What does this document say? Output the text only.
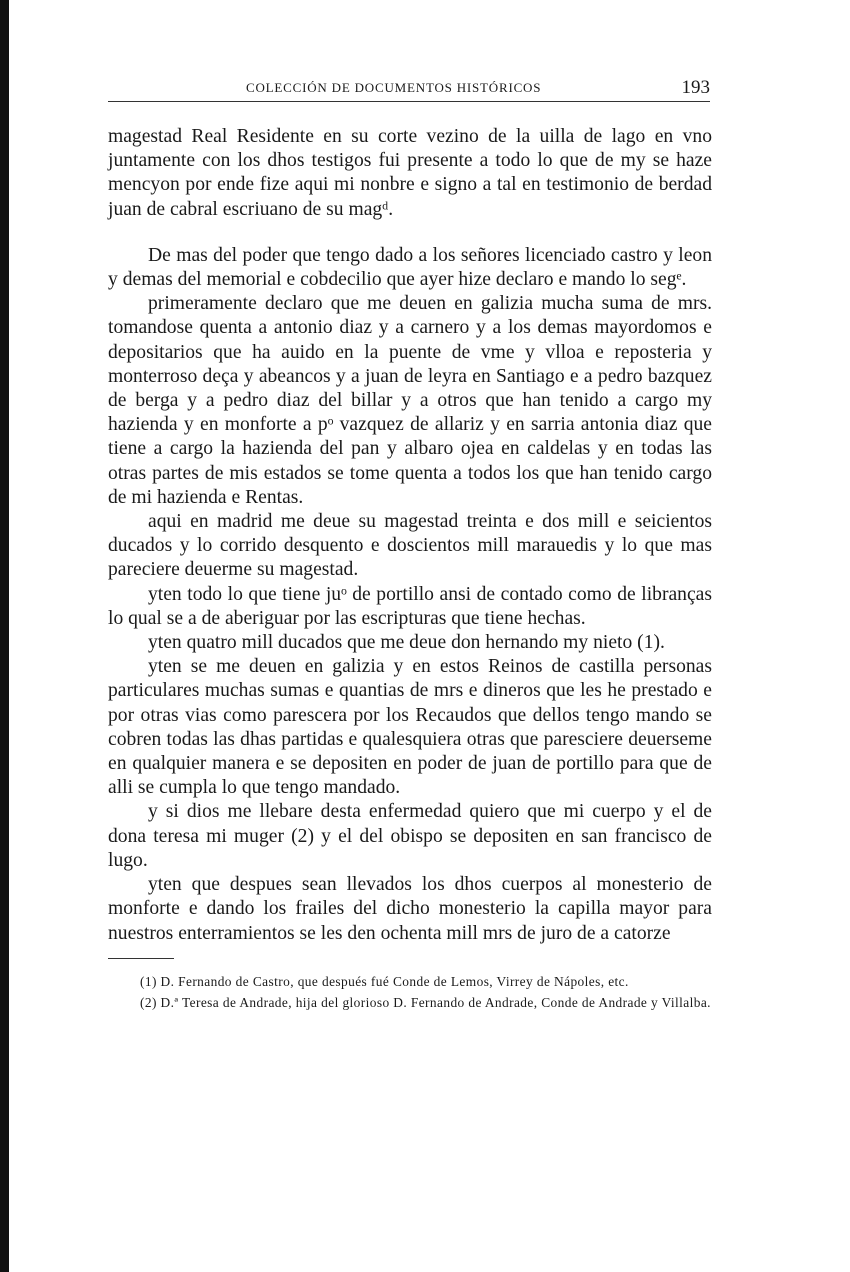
COLECCIÓN DE DOCUMENTOS HISTÓRICOS	193

magestad Real Residente en su corte vezino de la uilla de lago en vno juntamente con los dhos testigos fui presente a todo lo que de my se haze mencyon por ende fize aqui mi nonbre e signo a tal en testimonio de berdad juan de cabral escriuano de su magᵈ.

De mas del poder que tengo dado a los señores licenciado castro y leon y demas del memorial e cobdecilio que ayer hize declaro e mando lo segᵉ.

primeramente declaro que me deuen en galizia mucha suma de mrs. tomandose quenta a antonio diaz y a carnero y a los demas mayordomos e depositarios que ha auido en la puente de vme y vlloa e reposteria y monterroso deça y abeancos y a juan de leyra en Santiago e a pedro bazquez de berga y a pedro diaz del billar y a otros que han tenido a cargo my hazienda y en monforte a pᵒ vazquez de allariz y en sarria antonia diaz que tiene a cargo la hazienda del pan y albaro ojea en caldelas y en todas las otras partes de mis estados se tome quenta a todos los que han tenido cargo de mi hazienda e Rentas.

aqui en madrid me deue su magestad treinta e dos mill e seicientos ducados y lo corrido desquento e doscientos mill marauedis y lo que mas pareciere deuerme su magestad.

yten todo lo que tiene juᵒ de portillo ansi de contado como de libranças lo qual se a de aberiguar por las escripturas que tiene hechas.

yten quatro mill ducados que me deue don hernando my nieto (1).

yten se me deuen en galizia y en estos Reinos de castilla personas particulares muchas sumas e quantias de mrs e dineros que les he prestado e por otras vias como parescera por los Recaudos que dellos tengo mando se cobren todas las dhas partidas e qualesquiera otras que paresciere deuerseme en qualquier manera e se depositen en poder de juan de portillo para que de alli se cumpla lo que tengo mandado.

y si dios me llebare desta enfermedad quiero que mi cuerpo y el de dona teresa mi muger (2) y el del obispo se depositen en san francisco de lugo.

yten que despues sean llevados los dhos cuerpos al monesterio de monforte e dando los frailes del dicho monesterio la capilla mayor para nuestros enterramientos se les den ochenta mill mrs de juro de a catorze

(1) D. Fernando de Castro, que después fué Conde de Lemos, Virrey de Nápoles, etc.

(2) D.ª Teresa de Andrade, hija del glorioso D. Fernando de Andrade, Conde de Andrade y Villalba.
